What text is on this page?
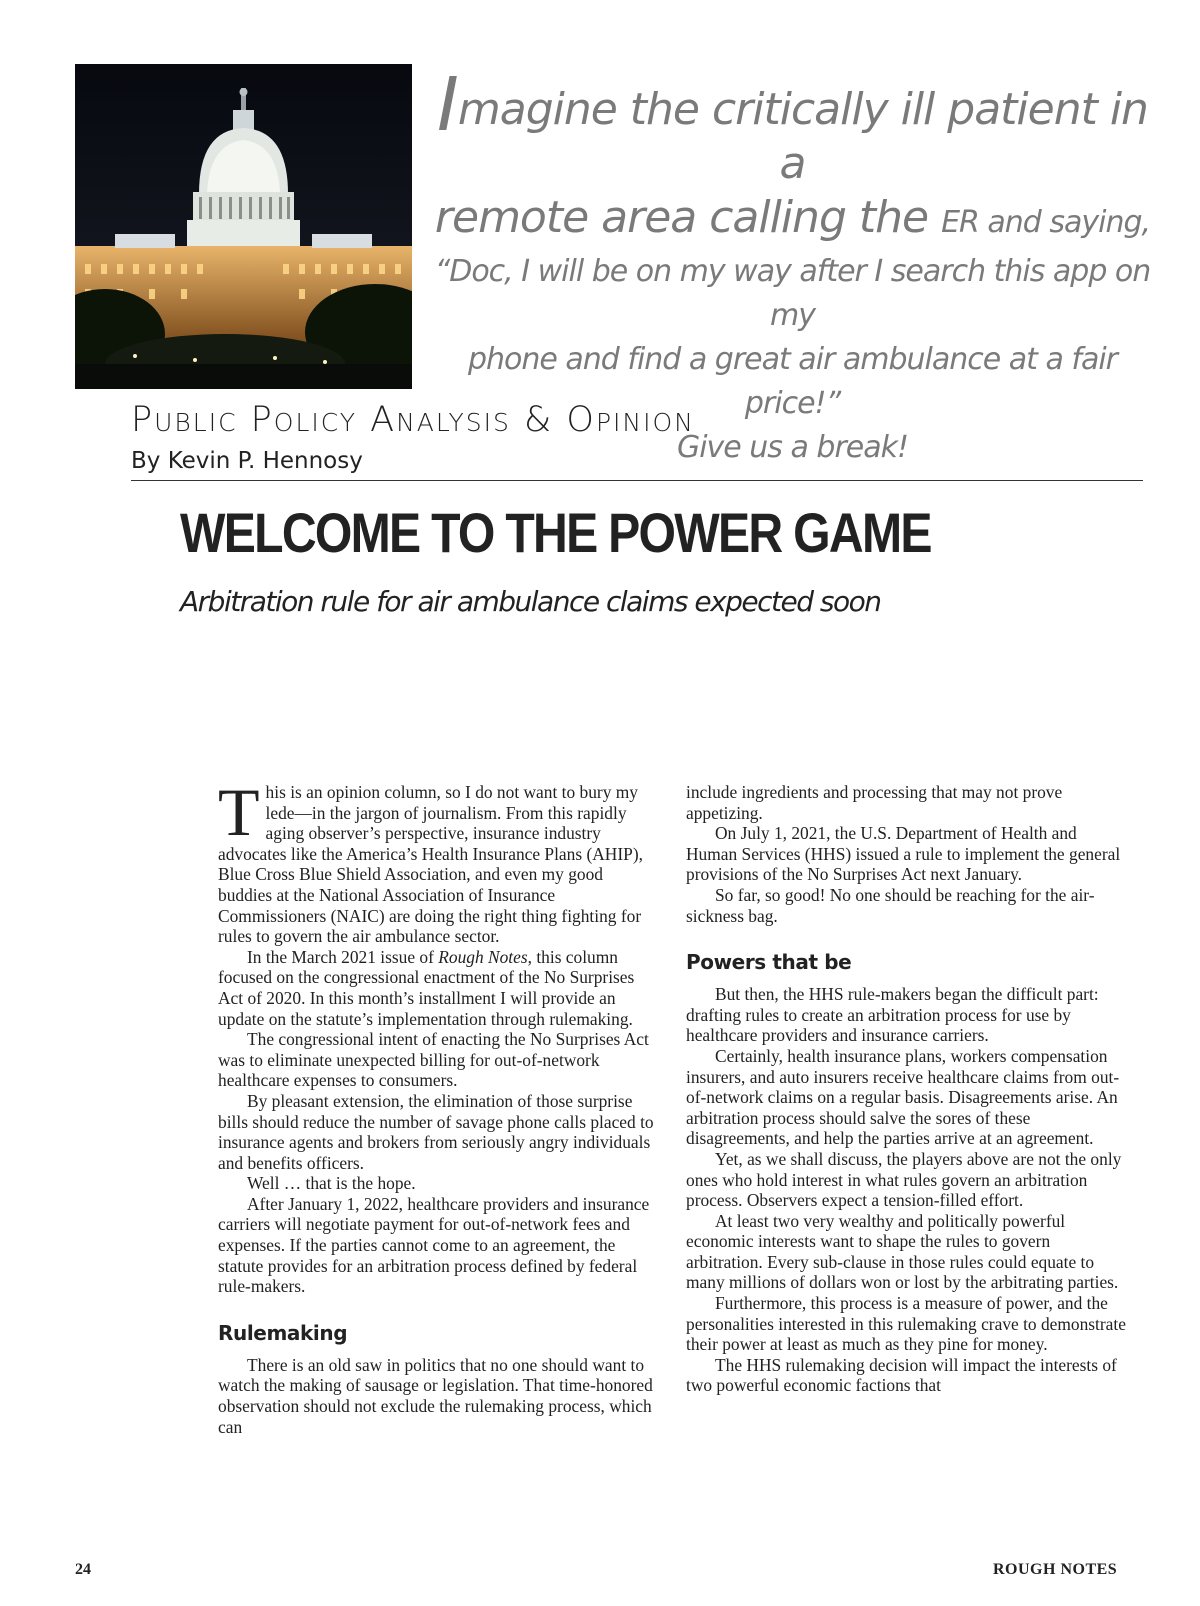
Imagine the critically ill patient in a
remote area calling the ER and saying,
“Doc, I will be on my way after I search this app on my
phone and find a great air ambulance at a fair price!”
Give us a break!
Public Policy Analysis & Opinion
By Kevin P. Hennosy
WELCOME TO THE POWER GAME
Arbitration rule for air ambulance claims expected soon

This is an opinion column, so I do not want to bury my lede—in the jargon of journalism. From this rapidly aging observer’s perspective, insurance industry advocates like the America’s Health Insurance Plans (AHIP), Blue Cross Blue Shield Association, and even my good buddies at the National Association of Insurance Commissioners (NAIC) are doing the right thing fighting for rules to govern the air ambulance sector.

In the March 2021 issue of Rough Notes, this column focused on the congressional enactment of the No Surprises Act of 2020. In this month’s installment I will provide an update on the statute’s implementation through rulemaking.

The congressional intent of enacting the No Surprises Act was to eliminate unexpected billing for out-of-network healthcare expenses to consumers.

By pleasant extension, the elimination of those surprise bills should reduce the number of savage phone calls placed to insurance agents and brokers from seriously angry individuals and benefits officers.

Well … that is the hope.

After January 1, 2022, healthcare providers and insurance carriers will negotiate payment for out-of-network fees and expenses. If the parties cannot come to an agreement, the statute provides for an arbitration process defined by federal rule-makers.

Rulemaking

There is an old saw in politics that no one should want to watch the making of sausage or legislation. That time-honored observation should not exclude the rulemaking process, which can

include ingredients and processing that may not prove appetizing.

On July 1, 2021, the U.S. Department of Health and Human Services (HHS) issued a rule to implement the general provisions of the No Surprises Act next January.

So far, so good! No one should be reaching for the air-sickness bag.

Powers that be

But then, the HHS rule-makers began the difficult part: drafting rules to create an arbitration process for use by healthcare providers and insurance carriers.

Certainly, health insurance plans, workers compensation insurers, and auto insurers receive healthcare claims from out-of-network claims on a regular basis. Disagreements arise. An arbitration process should salve the sores of these disagreements, and help the parties arrive at an agreement.

Yet, as we shall discuss, the players above are not the only ones who hold interest in what rules govern an arbitration process. Observers expect a tension-filled effort.

At least two very wealthy and politically powerful economic interests want to shape the rules to govern arbitration. Every sub-clause in those rules could equate to many millions of dollars won or lost by the arbitrating parties.

Furthermore, this process is a measure of power, and the personalities interested in this rulemaking crave to demonstrate their power at least as much as they pine for money.

The HHS rulemaking decision will impact the interests of two powerful economic factions that

24	ROUGH NOTES
